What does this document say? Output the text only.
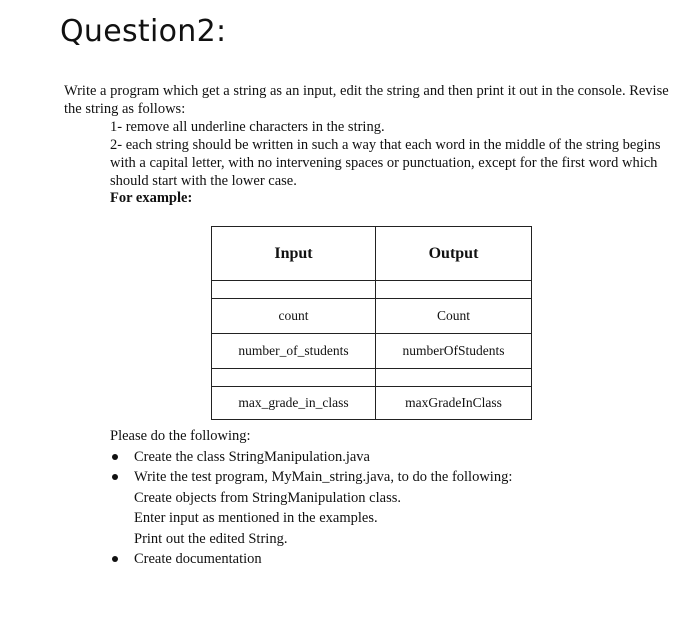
Question2:
Write a program which get a string as an input, edit the string and then print it out in the console. Revise the string as follows:

1- remove all underline characters in the string.

2- each string should be written in such a way that each word in the middle of the string begins with a capital letter, with no intervening spaces or punctuation, except for the first word which should start with the lower case.

For example:
Input	Output

count	Count
number_of_students	numberOfStudents

max_grade_in_class	maxGradeInClass

Please do the following:

Create the class StringManipulation.java
Write the test program, MyMain_string.java, to do the following:
Create objects from StringManipulation class.
Enter input as mentioned in the examples.
Print out the edited String.
Create documentation
